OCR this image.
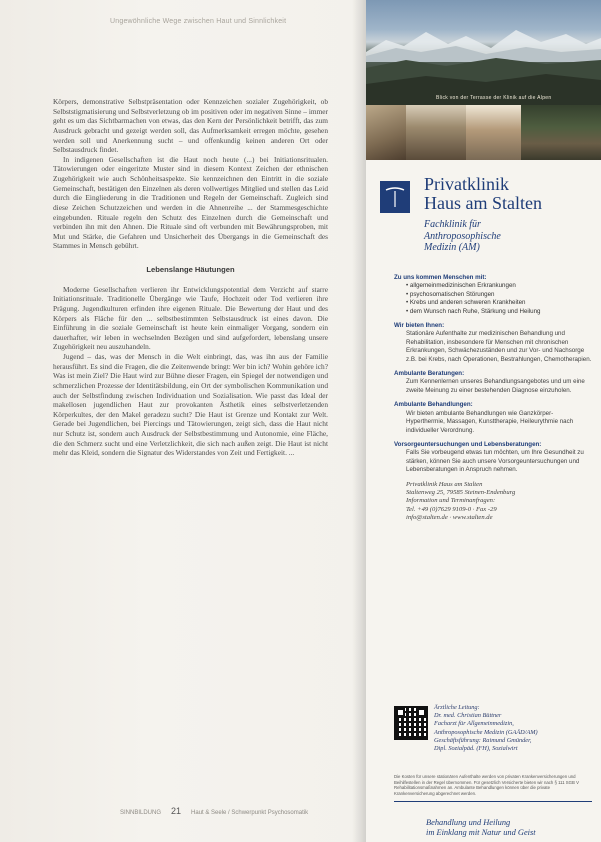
Ungewöhnliche Wege zwischen Haut und Sinnlichkeit

Körpers, demonstrative Selbstpräsentation oder Kennzeichen sozialer Zugehörigkeit, ob Selbststigmatisierung und Selbstverletzung ob im positiven oder im negativen Sinne – immer geht es um das Sichtbarmachen von etwas, das den Kern der Persönlichkeit betrifft, das zum Ausdruck gebracht und gezeigt werden soll, das Aufmerksamkeit erregen möchte, gesehen werden soll und Anerkennung sucht – und offenkundig keinen anderen Ort oder Selbstausdruck findet.

In indigenen Gesellschaften ist die Haut noch heute (...) bei Initiationsritualen. Tätowierungen oder eingeritzte Muster sind in diesem Kontext Zeichen der ethnischen Zugehörigkeit wie auch Schönheitsaspekte. Sie kennzeichnen den Eintritt in die soziale Gemeinschaft, bestätigen den Einzelnen als deren vollwertiges Mitglied und stellen das Leid durch die Eingliederung in die Traditionen und Regeln der Gemeinschaft. Zugleich sind diese Zeichen Schutzzeichen und werden in die Ahnenreihe ... der Stammesgeschichte eingebunden. Rituale regeln den Schutz des Einzelnen durch die Gemeinschaft und verbinden ihn mit den Ahnen. Die Rituale sind oft verbunden mit Bewährungsproben, mit Mut und Stärke, die Gefahren und Unsicherheit des Übergangs in die Gemeinschaft des Stammes in Mensch gebührt.

Lebenslange Häutungen

Moderne Gesellschaften verlieren ihr Entwicklungspotential dem Verzicht auf starre Initiationsrituale. Traditionelle Übergänge wie Taufe, Hochzeit oder Tod verlieren ihre Prägung. Jugendkulturen erfinden ihre eigenen Rituale. Die Bewertung der Haut und des Körpers als Fläche für den ... selbstbestimmten Selbstausdruck ist eines davon. Die Einführung in die soziale Gemeinschaft ist heute kein einmaliger Vorgang, sondern ein dauerhafter, wir leben in wechselnden Bezügen und sind aufgefordert, lebenslang unsere Zugehörigkeit neu auszuhandeln.

Jugend – das, was der Mensch in die Welt einbringt, das, was ihn aus der Familie herausführt. Es sind die Fragen, die die Zeitenwende bringt: Wer bin ich? Wohin gehöre ich? Was ist mein Ziel? Die Haut wird zur Bühne dieser Fragen, ein Spiegel der notwendigen und schmerzlichen Prozesse der Identitätsbildung, ein Ort der symbolischen Kommunikation und auch der Selbstfindung zwischen Individuation und Sozialisation. Wie passt das Ideal der makellosen jugendlichen Haut zur provokanten Ästhetik eines selbstverletzenden Körperkultes, der den Makel geradezu sucht? Die Haut ist Grenze und Kontakt zur Welt. Gerade bei Jugendlichen, bei Piercings und Tätowierungen, zeigt sich, dass die Haut nicht nur Schutz ist, sondern auch Ausdruck der Selbstbestimmung und Autonomie, eine Fläche, die den Schmerz sucht und eine Verletzlichkeit, die sich nach außen zeigt. Die Haut ist nicht mehr das Kleid, sondern die Signatur des Widerstandes von Zeit und Fertigkeit. ...

SINNBILDUNG 21 Haut & Seele / Schwerpunkt Psychosomatik
Blick von der Terrasse der Klinik auf die Alpen
Privatklinik
Haus am Stalten
Fachklinik für
Anthroposophische
Medizin (AM)
Zu uns kommen Menschen mit:
• allgemeinmedizinischen Erkrankungen
• psychosomatischen Störungen
• Krebs und anderen schweren Krankheiten
• dem Wunsch nach Ruhe, Stärkung und Heilung
Wir bieten Ihnen:
Stationäre Aufenthalte zur medizinischen Behandlung und Rehabilitation, insbesondere für Menschen mit chronischen Erkrankungen, Schwächezuständen und zur Vor- und Nachsorge z.B. bei Krebs, nach Operationen, Bestrahlungen, Chemotherapien.
Ambulante Beratungen:
Zum Kennenlernen unseres Behandlungsangebotes und um eine zweite Meinung zu einer bestehenden Diagnose einzuholen.
Ambulante Behandlungen:
Wir bieten ambulante Behandlungen wie Ganzkörper-Hyperthermie, Massagen, Kunsttherapie, Heileurythmie nach individueller Verordnung.
Vorsorgeuntersuchungen und Lebensberatungen:
Falls Sie vorbeugend etwas tun möchten, um Ihre Gesundheit zu stärken, können Sie auch unsere Vorsorgeuntersuchungen und Lebensberatungen in Anspruch nehmen.
Privatklinik Haus am Stalten
Staltenweg 25, 79585 Steinen-Endenburg
Information und Terminanfragen:
Tel. +49 (0)7629 9109-0 · Fax -29
info@stalten.de · www.stalten.de
Ärztliche Leitung:
Dr. med. Christian Büttner
Facharzt für Allgemeinmedizin,
Anthroposophische Medizin (GAÄD/AM)
Geschäftsführung: Raimund Gmünder,
Dipl. Sozialpäd. (FH), Sozialwirt
Die Kosten für unsere stationären Aufenthalte werden von privaten Krankenversicherungen und Beihilfestellen in der Regel übernommen. Für gesetzlich Versicherte bieten wir nach § 111 SGB V Rehabilitationsmaßnahmen an. Ambulante Behandlungen können über die private Krankenversicherung abgerechnet werden.
Behandlung und Heilung
im Einklang mit Natur und Geist
